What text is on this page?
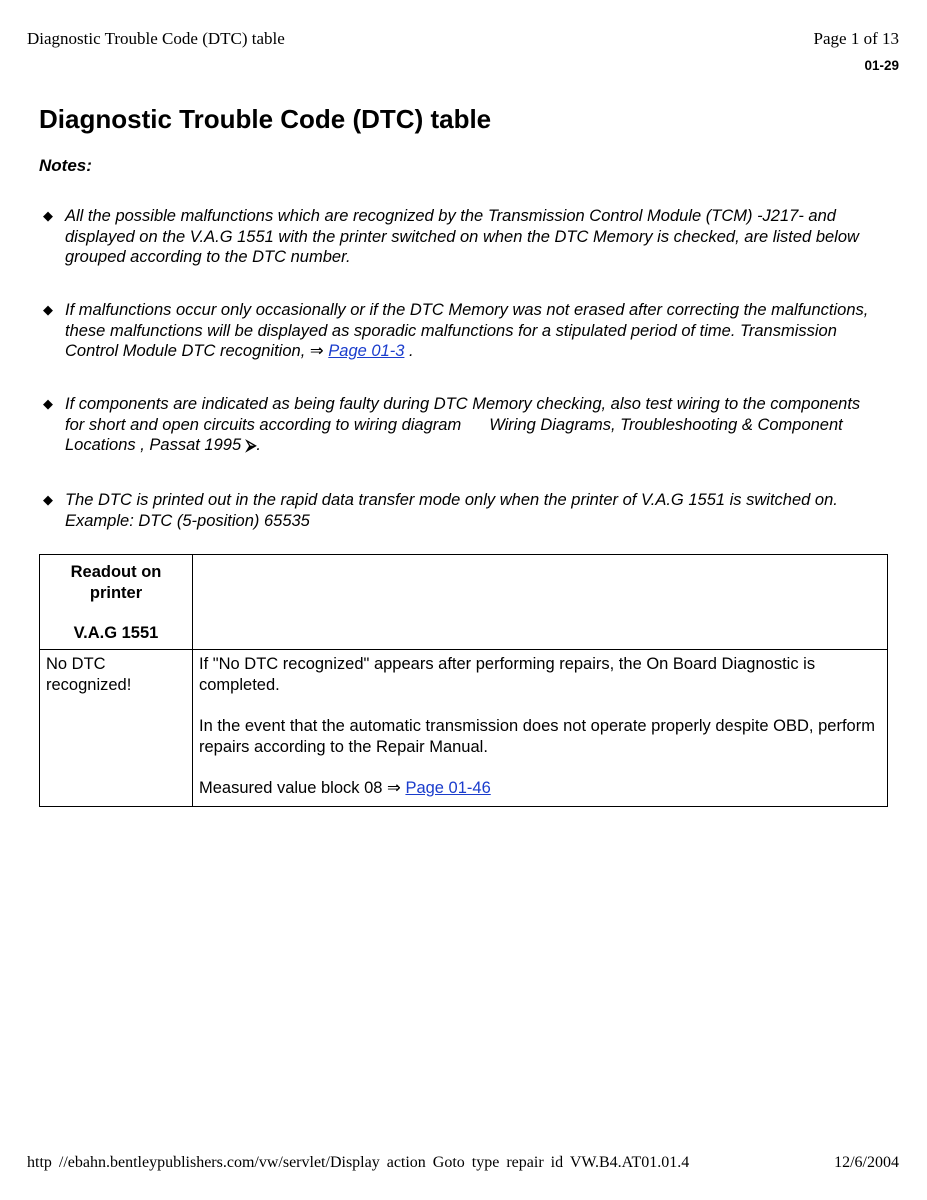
Diagnostic Trouble Code (DTC) table	Page 1 of 13
01-29
Diagnostic Trouble Code (DTC) table
Notes:
◆ All the possible malfunctions which are recognized by the Transmission Control Module (TCM) -J217- and displayed on the V.A.G 1551 with the printer switched on when the DTC Memory is checked, are listed below grouped according to the DTC number.
◆ If malfunctions occur only occasionally or if the DTC Memory was not erased after correcting the malfunctions, these malfunctions will be displayed as sporadic malfunctions for a stipulated period of time. Transmission Control Module DTC recognition, ⇒ Page 01-3 .
◆ If components are indicated as being faulty during DTC Memory checking, also test wiring to the components for short and open circuits according to wiring diagram Wiring Diagrams, Troubleshooting & Component Locations , Passat 1995 ⮚.
◆ The DTC is printed out in the rapid data transfer mode only when the printer of V.A.G 1551 is switched on. Example: DTC (5-position) 65535
Readout on printer
V.A.G 1551	

No DTC recognized!	If "No DTC recognized" appears after performing repairs, the On Board Diagnostic is completed.

In the event that the automatic transmission does not operate properly despite OBD, perform repairs according to the Repair Manual.

Measured value block 08 ⇒ Page 01-46

http //ebahn.bentleypublishers.com/vw/servlet/Display action Goto type repair id VW.B4.AT01.01.4	12/6/2004
